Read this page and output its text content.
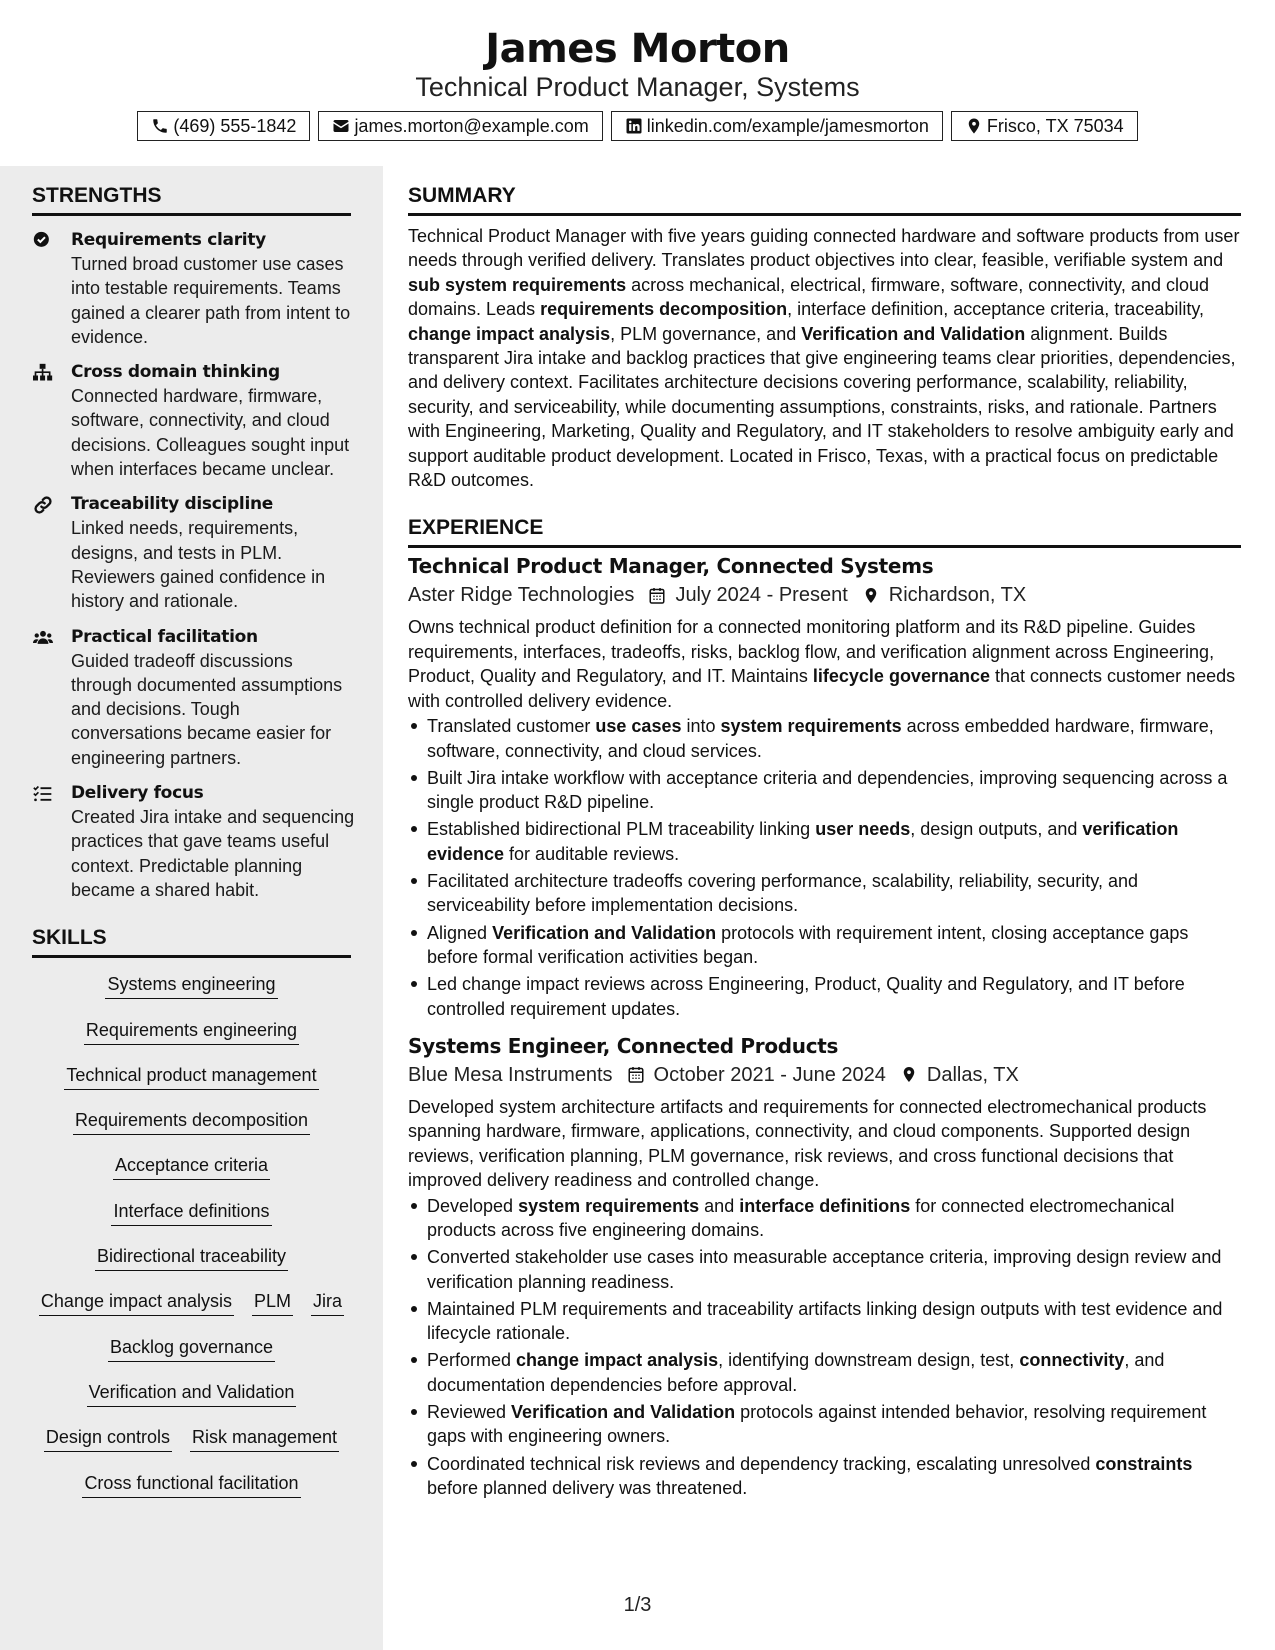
James Morton
Technical Product Manager, Systems
(469) 555-1842	james.morton@example.com	linkedin.com/example/jamesmorton	Frisco, TX 75034
STRENGTHS
Requirements clarity
Turned broad customer use cases into testable requirements. Teams gained a clearer path from intent to evidence.
Cross domain thinking
Connected hardware, firmware, software, connectivity, and cloud decisions. Colleagues sought input when interfaces became unclear.
Traceability discipline
Linked needs, requirements, designs, and tests in PLM. Reviewers gained confidence in history and rationale.
Practical facilitation
Guided tradeoff discussions through documented assumptions and decisions. Tough conversations became easier for engineering partners.
Delivery focus
Created Jira intake and sequencing practices that gave teams useful context. Predictable planning became a shared habit.
SKILLS
Systems engineering
Requirements engineering
Technical product management
Requirements decomposition
Acceptance criteria
Interface definitions
Bidirectional traceability
Change impact analysis PLM Jira
Backlog governance
Verification and Validation
Design controls Risk management
Cross functional facilitation
SUMMARY

Technical Product Manager with five years guiding connected hardware and software products from user needs through verified delivery. Translates product objectives into clear, feasible, verifiable system and sub system requirements across mechanical, electrical, firmware, software, connectivity, and cloud domains. Leads requirements decomposition, interface definition, acceptance criteria, traceability, change impact analysis, PLM governance, and Verification and Validation alignment. Builds transparent Jira intake and backlog practices that give engineering teams clear priorities, dependencies, and delivery context. Facilitates architecture decisions covering performance, scalability, reliability, security, and serviceability, while documenting assumptions, constraints, risks, and rationale. Partners with Engineering, Marketing, Quality and Regulatory, and IT stakeholders to resolve ambiguity early and support auditable product development. Located in Frisco, Texas, with a practical focus on predictable R&D outcomes.

EXPERIENCE
Technical Product Manager, Connected Systems
Aster Ridge Technologies July 2024 - Present Richardson, TX

Owns technical product definition for a connected monitoring platform and its R&D pipeline. Guides requirements, interfaces, tradeoffs, risks, backlog flow, and verification alignment across Engineering, Product, Quality and Regulatory, and IT. Maintains lifecycle governance that connects customer needs with controlled delivery evidence.

Translated customer use cases into system requirements across embedded hardware, firmware, software, connectivity, and cloud services.
Built Jira intake workflow with acceptance criteria and dependencies, improving sequencing across a single product R&D pipeline.
Established bidirectional PLM traceability linking user needs, design outputs, and verification evidence for auditable reviews.
Facilitated architecture tradeoffs covering performance, scalability, reliability, security, and serviceability before implementation decisions.
Aligned Verification and Validation protocols with requirement intent, closing acceptance gaps before formal verification activities began.
Led change impact reviews across Engineering, Product, Quality and Regulatory, and IT before controlled requirement updates.
Systems Engineer, Connected Products
Blue Mesa Instruments October 2021 - June 2024 Dallas, TX

Developed system architecture artifacts and requirements for connected electromechanical products spanning hardware, firmware, applications, connectivity, and cloud components. Supported design reviews, verification planning, PLM governance, risk reviews, and cross functional decisions that improved delivery readiness and controlled change.

Developed system requirements and interface definitions for connected electromechanical products across five engineering domains.
Converted stakeholder use cases into measurable acceptance criteria, improving design review and verification planning readiness.
Maintained PLM requirements and traceability artifacts linking design outputs with test evidence and lifecycle rationale.
Performed change impact analysis, identifying downstream design, test, connectivity, and documentation dependencies before approval.
Reviewed Verification and Validation protocols against intended behavior, resolving requirement gaps with engineering owners.
Coordinated technical risk reviews and dependency tracking, escalating unresolved constraints before planned delivery was threatened.
1/3
